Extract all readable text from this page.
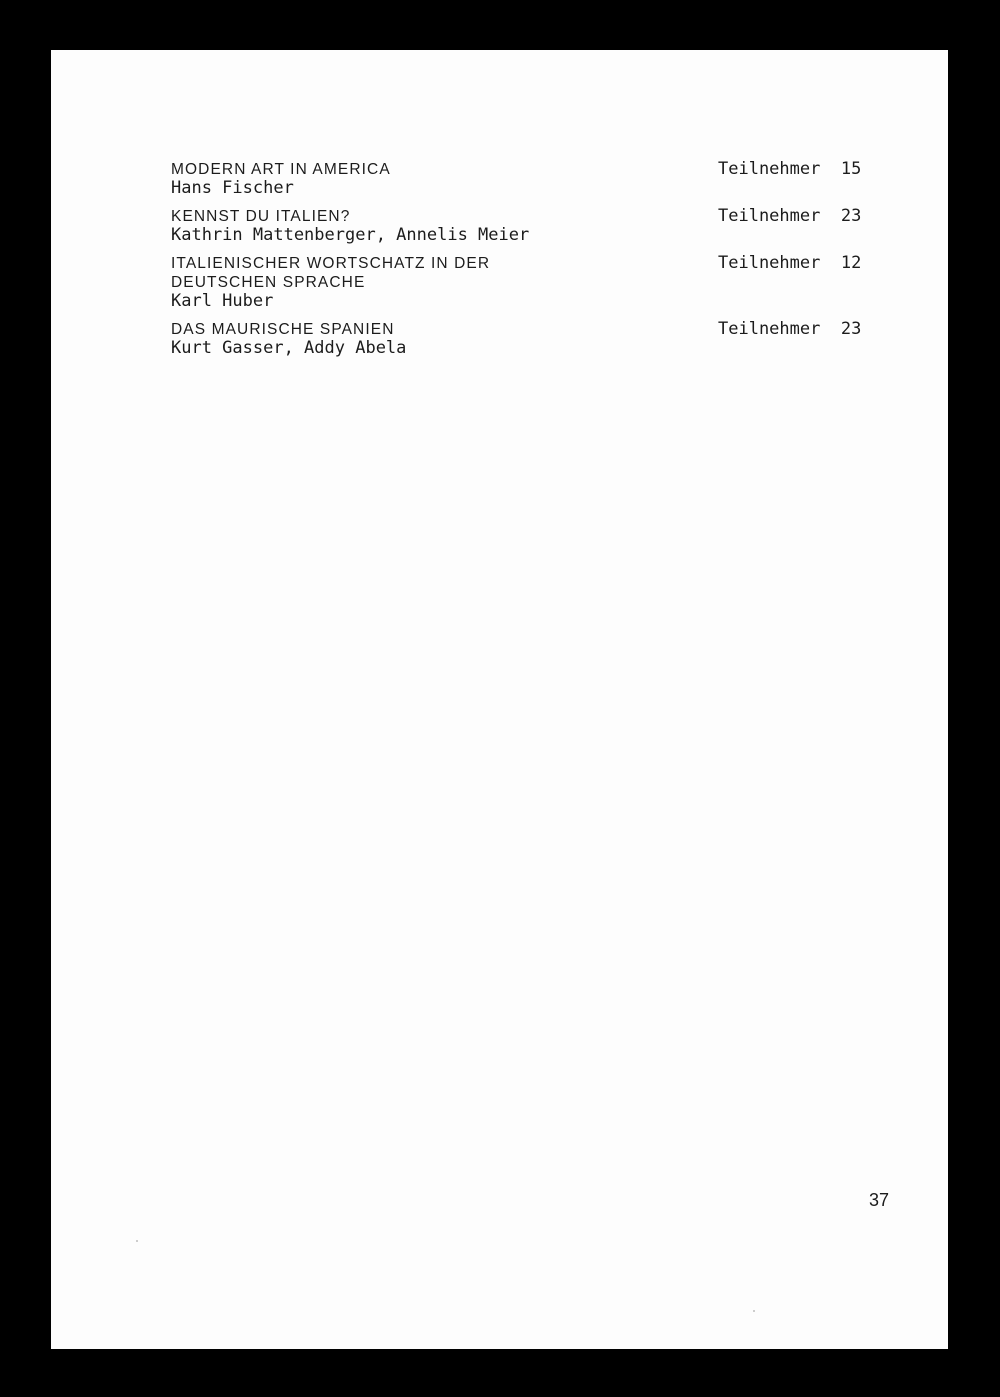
MODERN ART IN AMERICA
Hans Fischer
Teilnehmer 15
KENNST DU ITALIEN?
Kathrin Mattenberger, Annelis Meier
Teilnehmer 23
ITALIENISCHER WORTSCHATZ IN DER
DEUTSCHEN SPRACHE
Karl Huber
Teilnehmer 12
DAS MAURISCHE SPANIEN
Kurt Gasser, Addy Abela
Teilnehmer 23
37
